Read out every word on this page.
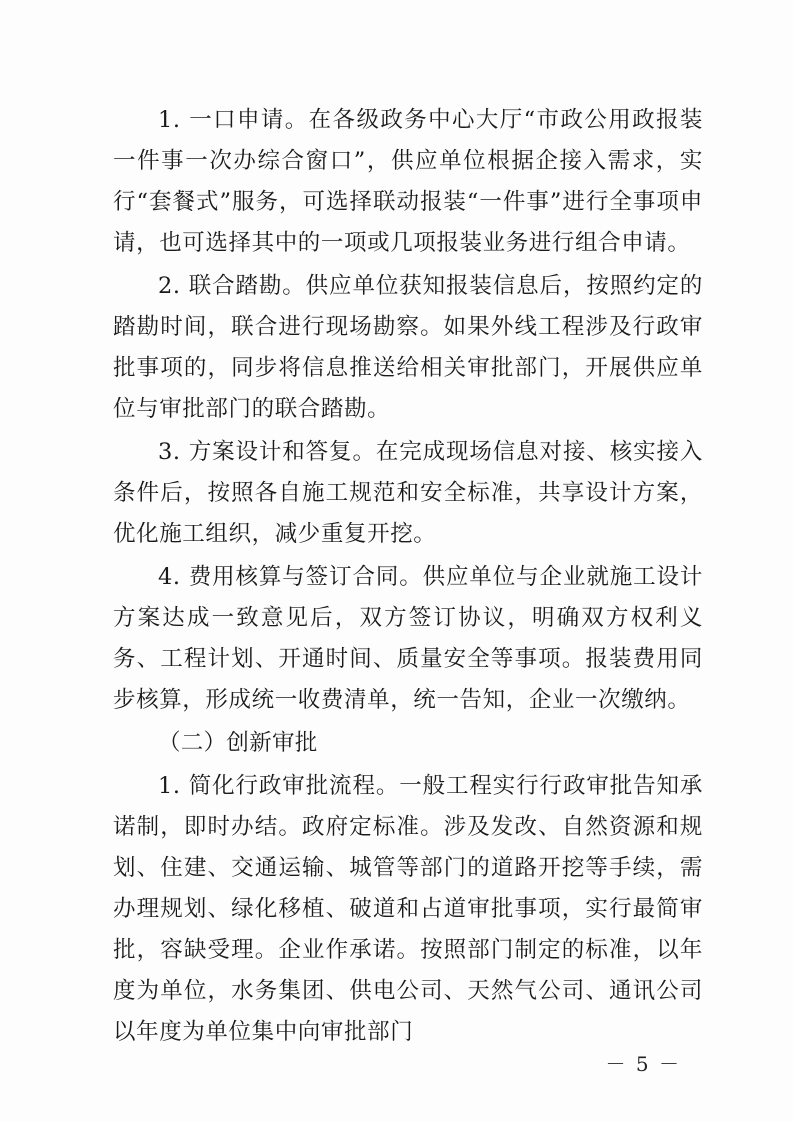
1. 一口申请。在各级政务中心大厅“市政公用政报装一件事一次办综合窗口”，供应单位根据企接入需求，实行“套餐式”服务，可选择联动报装“一件事”进行全事项申请，也可选择其中的一项或几项报装业务进行组合申请。

2. 联合踏勘。供应单位获知报装信息后，按照约定的踏勘时间，联合进行现场勘察。如果外线工程涉及行政审批事项的，同步将信息推送给相关审批部门，开展供应单位与审批部门的联合踏勘。

3. 方案设计和答复。在完成现场信息对接、核实接入条件后，按照各自施工规范和安全标准，共享设计方案，优化施工组织，减少重复开挖。

4. 费用核算与签订合同。供应单位与企业就施工设计方案达成一致意见后，双方签订协议，明确双方权利义务、工程计划、开通时间、质量安全等事项。报装费用同步核算，形成统一收费清单，统一告知，企业一次缴纳。

（二）创新审批

1. 简化行政审批流程。一般工程实行行政审批告知承诺制，即时办结。政府定标准。涉及发改、自然资源和规划、住建、交通运输、城管等部门的道路开挖等手续，需办理规划、绿化移植、破道和占道审批事项，实行最简审批，容缺受理。企业作承诺。按照部门制定的标准，以年度为单位，水务集团、供电公司、天然气公司、通讯公司以年度为单位集中向审批部门

－ 5 －
